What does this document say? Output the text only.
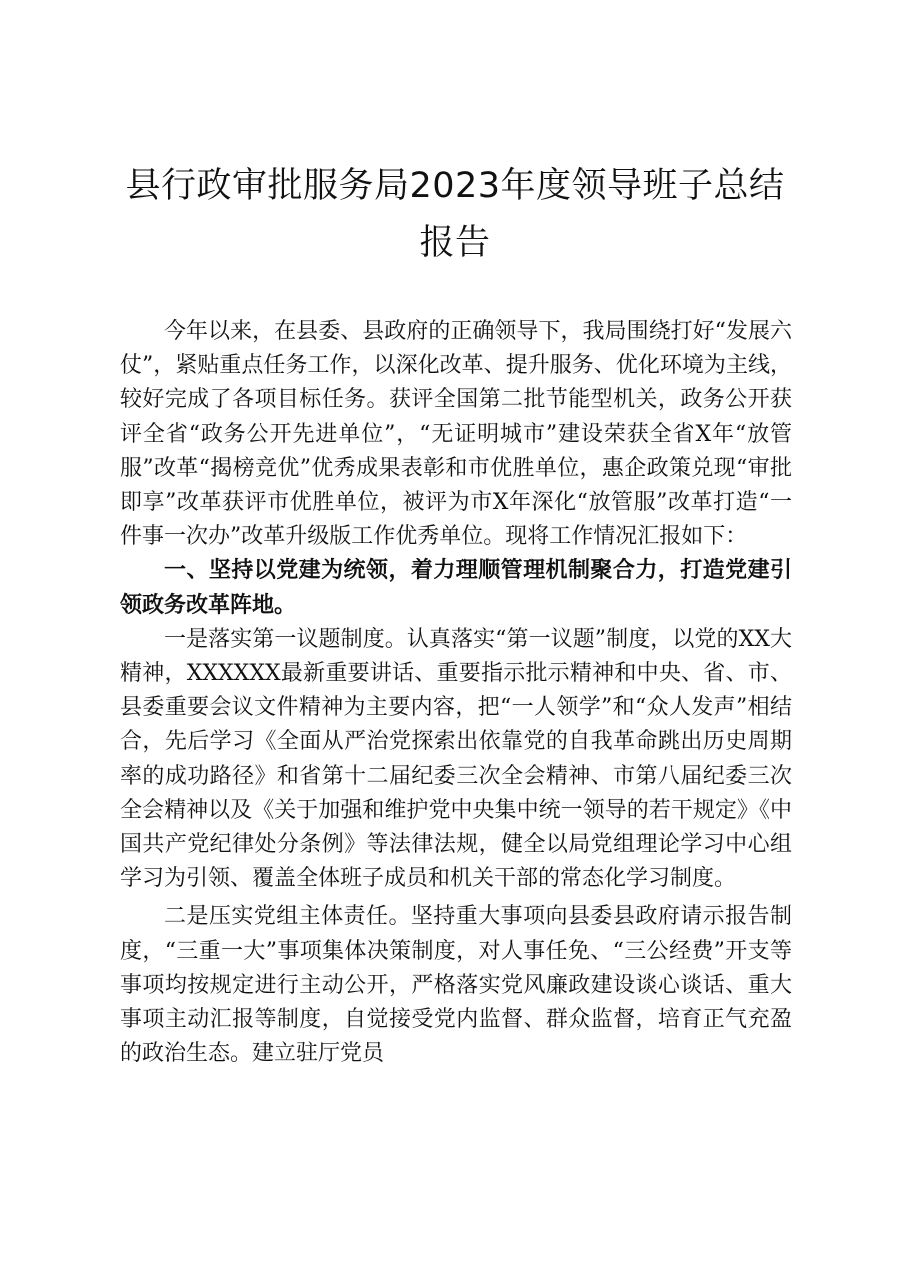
县行政审批服务局2023年度领导班子总结报告

今年以来，在县委、县政府的正确领导下，我局围绕打好“发展六仗”，紧贴重点任务工作，以深化改革、提升服务、优化环境为主线，较好完成了各项目标任务。获评全国第二批节能型机关，政务公开获评全省“政务公开先进单位”，“无证明城市”建设荣获全省X年“放管服”改革“揭榜竞优”优秀成果表彰和市优胜单位，惠企政策兑现“审批即享”改革获评市优胜单位，被评为市X年深化“放管服”改革打造“一件事一次办”改革升级版工作优秀单位。现将工作情况汇报如下：

一、坚持以党建为统领，着力理顺管理机制聚合力，打造党建引领政务改革阵地。

一是落实第一议题制度。认真落实“第一议题”制度，以党的XX大精神，XXXXXX最新重要讲话、重要指示批示精神和中央、省、市、县委重要会议文件精神为主要内容，把“一人领学”和“众人发声”相结合，先后学习《全面从严治党探索出依靠党的自我革命跳出历史周期率的成功路径》和省第十二届纪委三次全会精神、市第八届纪委三次全会精神以及《关于加强和维护党中央集中统一领导的若干规定》《中国共产党纪律处分条例》等法律法规，健全以局党组理论学习中心组学习为引领、覆盖全体班子成员和机关干部的常态化学习制度。

二是压实党组主体责任。坚持重大事项向县委县政府请示报告制度，“三重一大”事项集体决策制度，对人事任免、“三公经费”开支等事项均按规定进行主动公开，严格落实党风廉政建设谈心谈话、重大事项主动汇报等制度，自觉接受党内监督、群众监督，培育正气充盈的政治生态。建立驻厅党员
